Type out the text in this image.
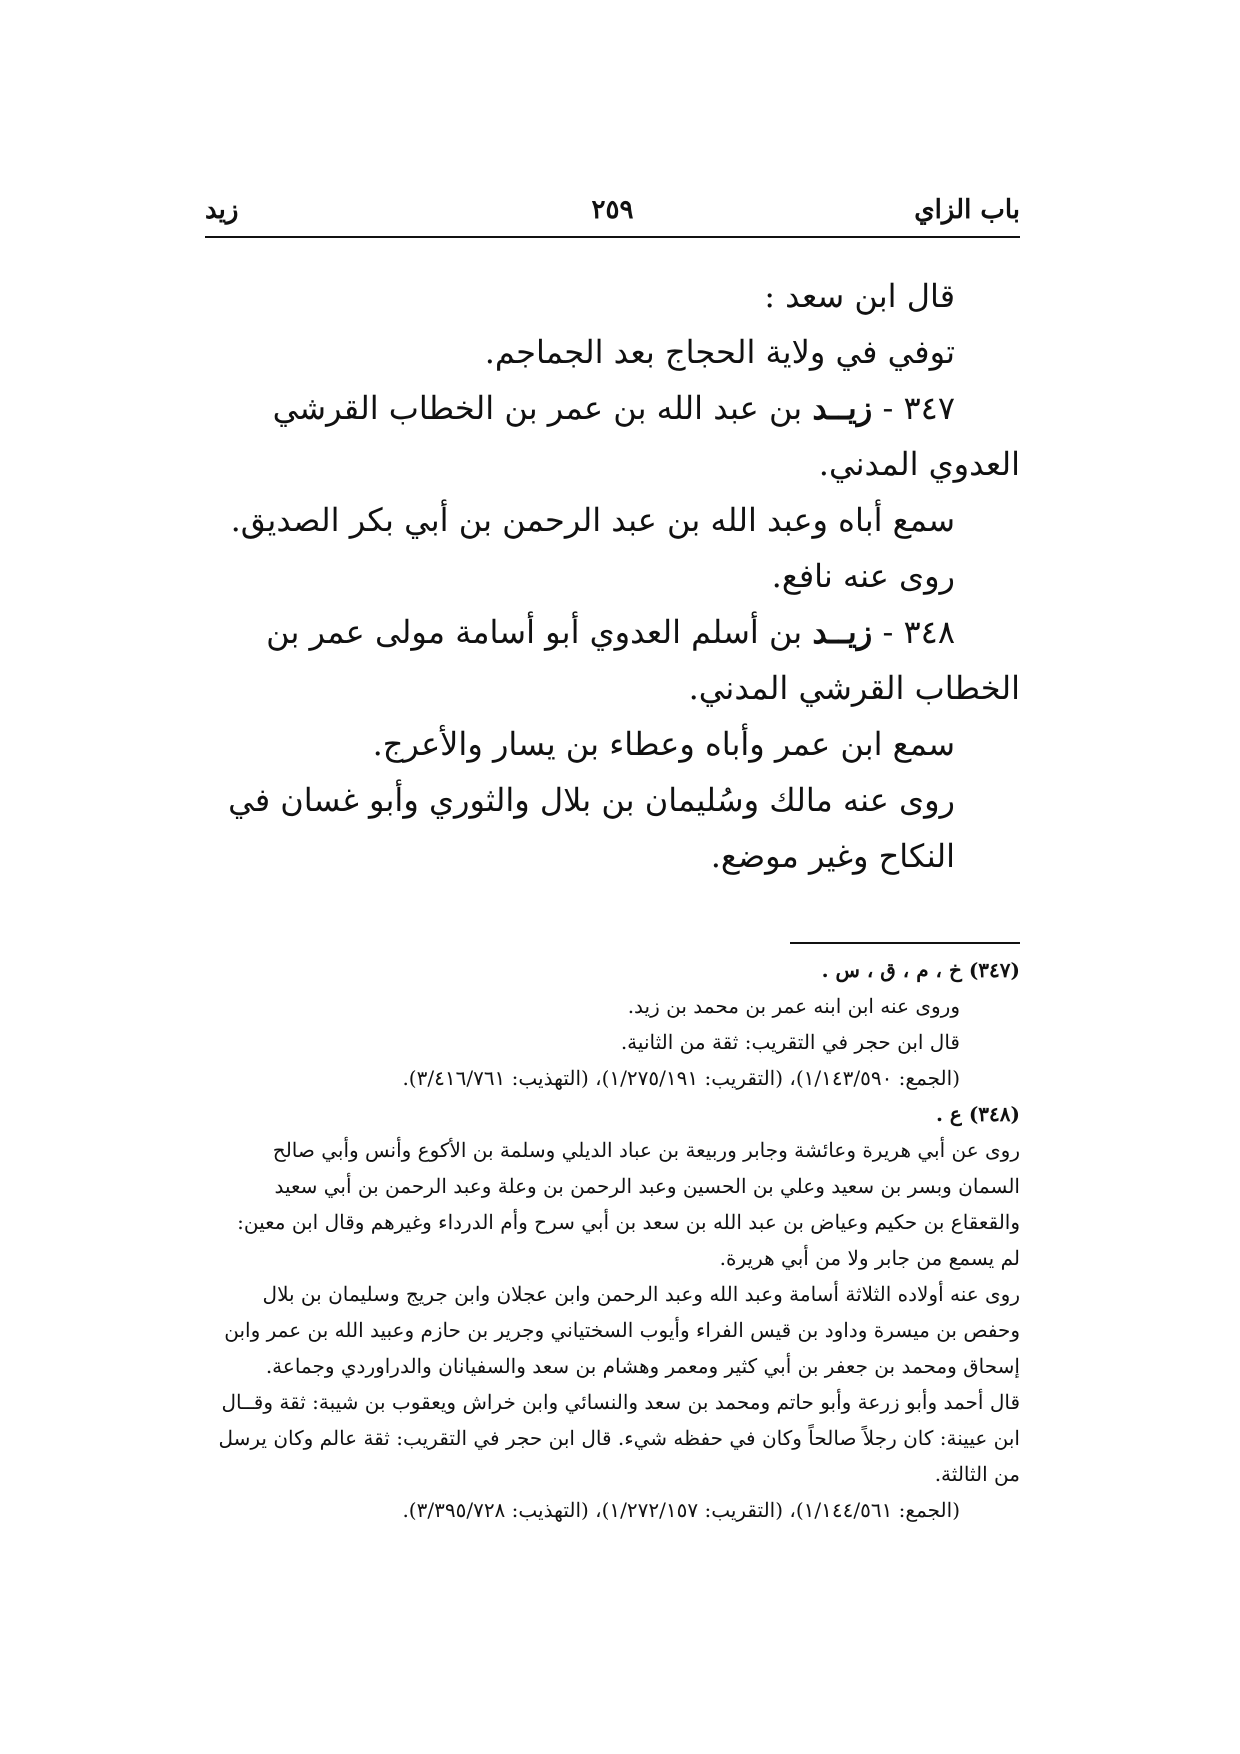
باب الزاي
٢٥٩
زيد

قال ابن سعد :

توفي في ولاية الحجاج بعد الجماجم.

٣٤٧ - زيــد بن عبد الله بن عمر بن الخطاب القرشي العدوي المدني.

سمع أباه وعبد الله بن عبد الرحمن بن أبي بكر الصديق.

روى عنه نافع.

٣٤٨ - زيــد بن أسلم العدوي أبو أسامة مولى عمر بن الخطاب القرشي المدني.

سمع ابن عمر وأباه وعطاء بن يسار والأعرج.

روى عنه مالك وسُليمان بن بلال والثوري وأبو غسان في النكاح وغير موضع.

(٣٤٧) خ ، م ، ق ، س .

وروى عنه ابن ابنه عمر بن محمد بن زيد.

قال ابن حجر في التقريب: ثقة من الثانية.

(الجمع: ١/١٤٣/٥٩٠)، (التقريب: ١/٢٧٥/١٩١)، (التهذيب: ٣/٤١٦/٧٦١).

(٣٤٨) ع .

روى عن أبي هريرة وعائشة وجابر وربيعة بن عباد الديلي وسلمة بن الأكوع وأنس وأبي صالح السمان وبسر بن سعيد وعلي بن الحسين وعبد الرحمن بن وعلة وعبد الرحمن بن أبي سعيد والقعقاع بن حكيم وعياض بن عبد الله بن سعد بن أبي سرح وأم الدرداء وغيرهم وقال ابن معين: لم يسمع من جابر ولا من أبي هريرة.

روى عنه أولاده الثلاثة أسامة وعبد الله وعبد الرحمن وابن عجلان وابن جريج وسليمان بن بلال وحفص بن ميسرة وداود بن قيس الفراء وأيوب السختياني وجرير بن حازم وعبيد الله بن عمر وابن إسحاق ومحمد بن جعفر بن أبي كثير ومعمر وهشام بن سعد والسفيانان والدراوردي وجماعة.

قال أحمد وأبو زرعة وأبو حاتم ومحمد بن سعد والنسائي وابن خراش ويعقوب بن شيبة: ثقة وقــال ابن عيينة: كان رجلاً صالحاً وكان في حفظه شيء. قال ابن حجر في التقريب: ثقة عالم وكان يرسل من الثالثة.

(الجمع: ١/١٤٤/٥٦١)، (التقريب: ١/٢٧٢/١٥٧)، (التهذيب: ٣/٣٩٥/٧٢٨).
